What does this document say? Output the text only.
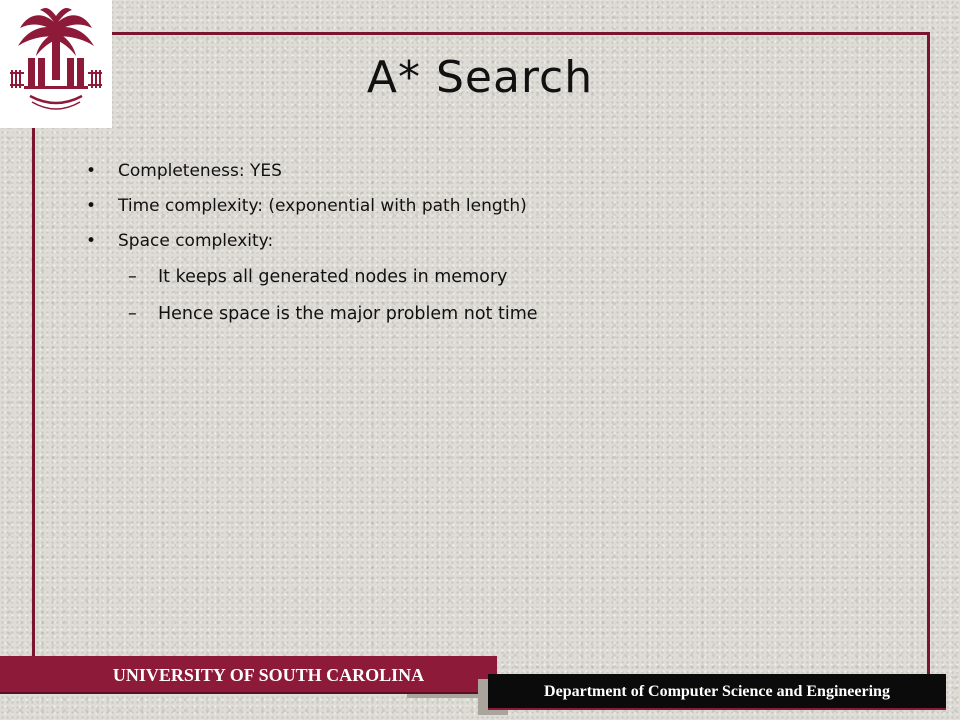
A* Search
• Completeness: YES
• Time complexity: (exponential with path length)
• Space complexity:
– It keeps all generated nodes in memory
– Hence space is the major problem not time
UNIVERSITY OF SOUTH CAROLINA
Department of Computer Science and Engineering
